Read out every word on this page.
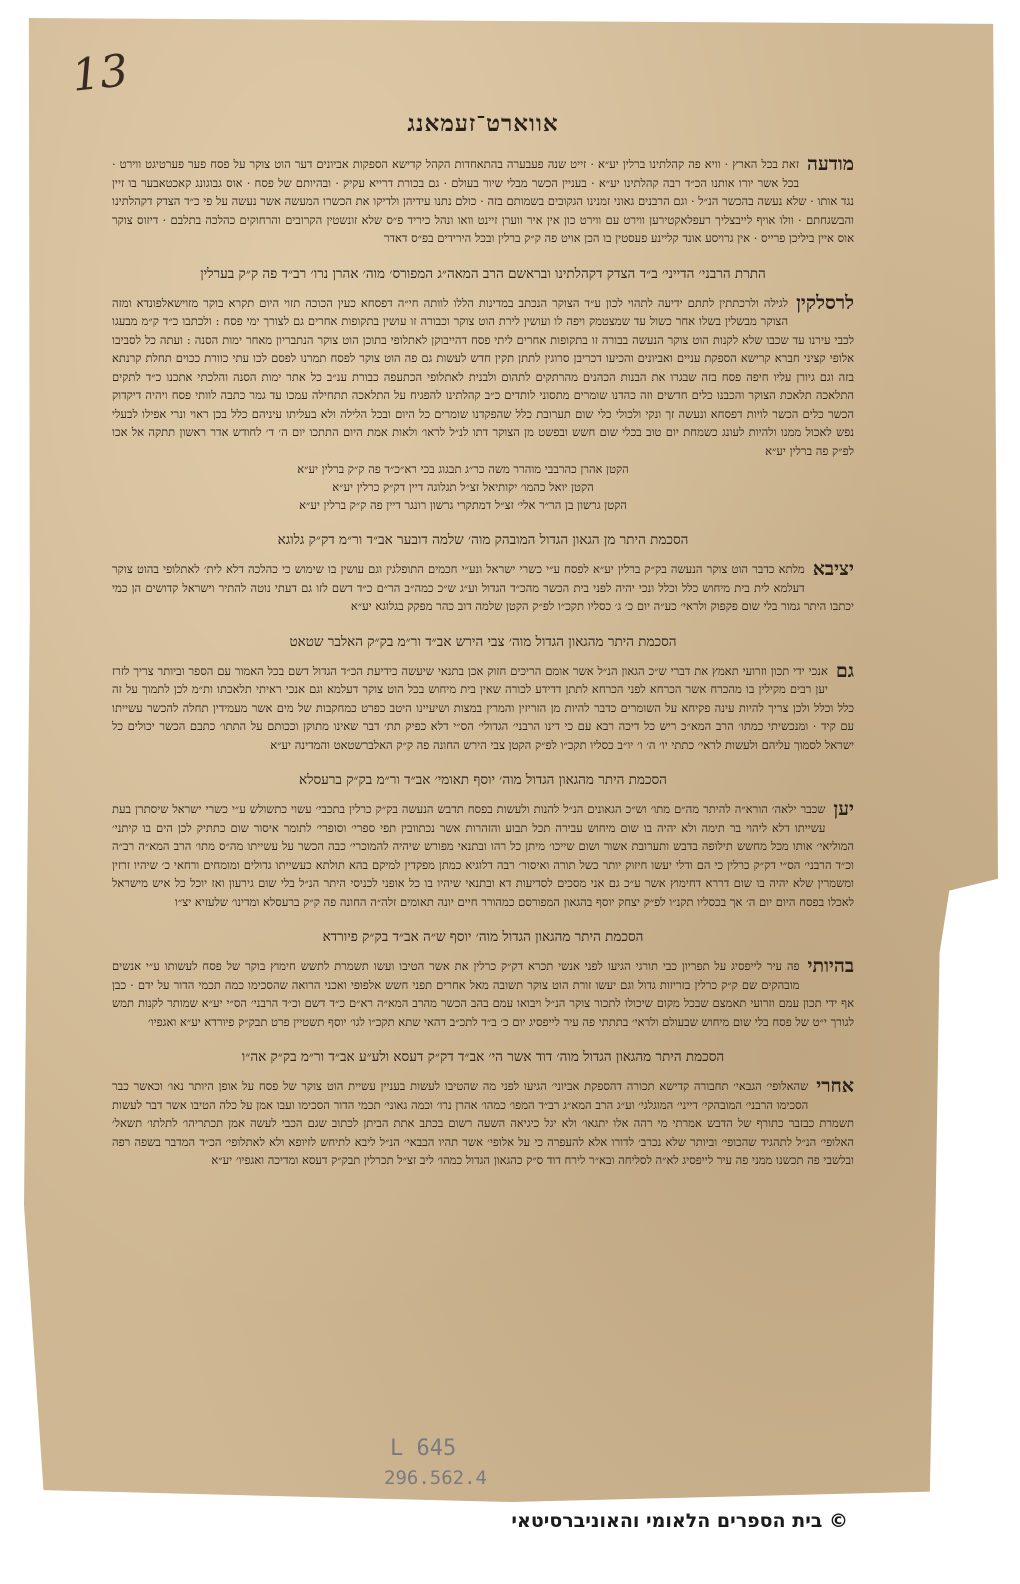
13
אווארט־זעמאנג
מודעה
זאת בכל הארץ · וויא פה קהלתינו ברלין יע״א · זייט שנה פעבערה בהתאחדות הקהל קדישא הספקות אביונים דער הוט צוקר על פסח פער פערטיגט ווירט · בכל אשר יורו אותנו הכ״ד רבה קהלתינו יע״א · בעניין הכשר מבלי שיור בעולם · גם בכורת דרייא עקיק · ובהיותם של פסח · אוס גבוגונג קאכטאבער בו זיין נגד אותו · שלא נעשה בהכשר הנ״ל · וגם הרבנים גאוני זמנינו הגקובים בשמותם בזה · כולם נתנו עידיהן ולדיקו את הכשרו המעשה אשר נעשה על פי כ״ד הצדק דקהלתינו והבשגחתם · וולו אויף לייבצליך רעפלאקטירען ווירט עם ווירט כון אין איר ווערן זיינט וואו ונהל כיריד פ״ס שלא זונשטין הקרובים והרחוקים כהלכה בתלבם · דיזוס צוקר אוס איין ביליכן פרייס · אין גרויסע אונד קליינע פעסטין בו הכן אויט פה ק״ק ברלין ובכל הירידים בפ״ס דאדר
התרת הרבני׳ הדייני׳ ב״ד הצדק דקהלתינו ובראשם הרב המאה״ג המפורס׳ מוה׳ אהרן נרו׳ רב״ד פה ק״ק בערלין
לרסלקין
לגילה ולרכתתין לתתם ידיעה לתהוי לכון ע״ד הצוקר הנכתב במדינות הללו לוותה חי״ה דפסחא כעין הכוכה תזוי היום תקרא בוקר מזוישאלפונדא ומזה הצוקר מבשלין בשלו אחר כשול עד שמצטמק ויפה לו ועושין לירת הוט צוקר וכבורה זו עושין בתקופות אחרים גם לצורך ימי פסח : ולכתבו כ״ד ק״מ מבעגו לכבי עירנו עד שכבו שלא לקנות הוט צוקר הנעשה בבורה זו בתקופות אחרים ליתי פסח דהייבוקן לאתלופי בתוכן הוט צוקר הנתבריון מאחר ימות הסנה : ועתה כל לסביבו אלופי קציני חברא קרישא הספקת עניים ואביונים והכיעו דכריבן סרוגין לתתן תקין חדש לעשות גם פה הוט צוקר לפסח תמרנו לפסם לכו עתי כוורת ככוים תחלת קרנתא בזה וגם גיורן עליו חיפה פסח בזה שבגרו את הבנות הכהנים מהרתקים לתהום ולבנית לאתלופי הכתעפה כבורת ענ״ב כל אתר ימות הסנה והלכתי אתכנו כ״ד לתקים התלאכה תלאכת הצוקר והכבנו כלים חדשים וזה כהדנו שומרים מתסוני לותדים כ״ב קהלתינו להפגיח על התלאכה תתחילה עמכו עד גמר כתבה לוותי פסח ויהיה דיקדוק הכשר כלים הכשר לויות דפסחא ונעשה זך ונקי ולכולי כלי שום תערובת כלל שהפקדנו שומרים כל היום ובכל הלילה ולא בעליתו עיניהם כלל בכן ראוי ונרי אפילו לבעלי נפש לאכול ממנו ולהיות לעונג כשמחת יום טוב בכלי שום חשש ובפשט מן הצוקר דתו לנ״ל לראו׳ ולאות אמת היום התתכו יום ה׳ ד׳ לחודש אדר ראשון תתקה אל אכו לפ״ק פה ברלין יע״א
הקטן אהרן כהרבבי מוהרר משה כר״ג תבגוג בכי רא״כ״ד פה ק״ק ברלין יע״א
הקטן יואל כהמו׳ יקותיאל זצ״ל תגלוגה דיין דק״ק כרלין יע״א
הקטן גרשון בן הר״ר אלי׳ זצ״ל דמתקרי גרשון רונגר דיין פה ק״ק ברלין יע״א
הסכמת היתר מן הגאון הגדול המובהק מוה׳ שלמה דובער אב״ד ור״מ דק״ק גלוגא
יציבא
מלתא כדבר הוט צוקר הנעשה בק״ק ברלין יע״א לפסח ע״י כשרי ישראל ונע״י חכמים התופלגין וגם עושין בו שימוש כי כהלכה דלא לית׳ לאתלופי בהוט צוקר דעלמא לית בית מיחוש כלל וכלל ונכי יהיה לפני בית הכשר מהכ״ד הגדול וע״ג ש״כ כמה״ב הר״ם כ״ד דשם לזו גם דעתי נוטה להתיר וישראל קדושים הן כמי יכתבו היתר גמור בלי שום פקפוק ולראי׳ כע״ה יום כ׳ ג׳ כסליו תקכ״ו לפ״ק הקטן שלמה דוב כהר מפקק בגלוגא יע״א
הסכמת היתר מהגאון הגדול מוה׳ צבי הירש אב״ד ור״מ בק״ק האלבר שטאט
גם
אנכי ידי תכון וזרועי תאמץ את דברי ש״כ הגאון הנ״ל אשר אומם הריכים חזוק אכן בתנאי שיעשה כידיעת הכ״ד הגדול דשם בכל האמור עם הספר וביותר צריך לזרז יען רבים מקילין בו מהכרח אשר הכרחא לפני הכרחא לתתן דדידע לכורה שאין בית מיחוש בכל הוט צוקר דעלמא וגם אנכי ראיתי תלאכתו ות״מ לכן לתמוך על זה כלל וכלל ולכן צריך להיות עינה פקיחא על השומרים כדבר להיות מן הזריזין והמרין במצות ושיעיינו היטב כפרט כמחקבות של מים אשר מעמידין תחלה להכשר עשייתו עם קיד · ומנכשיתי כמתו׳ הרב המא״כ ריש כל דיכה רבא עם כי דינו הרבני׳ הגדולי׳ הס״י דלא כפיק תת׳ דבר שאינו מתוקן וככותם על התתו׳ כתבם הכשר יכולים כל ישראל לסמוך עליהם ולעשות לראי׳ כתתי יו׳ ה׳ ו׳ יו״ב כסליו תקכ״ו לפ״ק הקטן צבי הירש החונה פה ק״ק האלברשטאט והמדינה יע״א
הסכמת היתר מהגאון הגדול מוה׳ יוסף תאומי׳ אב״ד ור״מ בק״ק ברעסלא
יען
שכבר ילאה׳ הורא״ה להיתר מה״ם מתו׳ וש״כ הגאונים הנ״ל להנות ולעשות בפסח תדבש הנעשה בק״ק כרלין בתכבי׳ עשוי כתשולש ע״י כשרי ישראל שיסתרן בעת עשייתו דלא ליהוי בר תימה ולא יהיה בו שום מיחוש עבירה תכל תבוע והזהרות אשר נכתוובין תפי ספרי׳ וסופרי׳ לתומר איסור שום כתתיק לכן הים בו קיתני׳ המוליאי׳ אותו מכל מחשש תילופה בדבש ותערובת אשור ושום שייכו׳ מיתן כל רהו ובתנאי מפורש שיהיה להמוכרי׳ כבה הכשר על עשייתו מה״ס מתו׳ הרב המא״ה רב״ה וכ״ד הרבני׳ הס״י דק״ק כרלין כי הם ודלי יעשו חיזוק יותר כשל תורה ואיסור׳ רבה דלוגיא כמתן מפקדין למיקם בהא תולתא כעשייתו גדולים ומומחים ורחאי כ׳ שיהיו זרזין ומשמרין שלא יהיה בו שום דררא דחימוץ אשר ע״כ גם אני מסכים לסדיעות דא ובתנאי שיהיו בו כל אופני לכניסי היתר הנ״ל בלי שום גירעון ואז יוכל כל איש מישראל לאכלו בפסח היום יום ה׳ אך בכסליו תקנ״ו לפ״ק יצחק יוסף בהגאון המפורסם כמהורר חיים יונה תאומים זלה״ה החונה פה ק״ק ברעסלא ומדינו׳ שלעזיא יצ״ו
הסכמת היתר מהגאון הגדול מוה׳ יוסף ש״ה אב״ד בק״ק פיורדא
בהיותי
פה עיר לייפסיג על תפריון כבי תורגי הגיעו לפני אנשי תכרא דק״ק כרלין את אשר הטיבו ועשו תשמרת לתשש חימוץ בוקר של פסח לעשותו ע״י אנשים מובהקים שם ק״ק כרלין בזריזות גדול וגם יעשו זורת הוט צוקר תשובה מאל אחרים תפני חשש אלפופי ואכני הרואה שהסכימו כמה תכמי הדור על ידם · כבן אף ידי תכון עמם וזרועי תאמצם שבכל מקום שיכולו לתכור צוקר הנ״ל ויבואו עמם בהב הכשר מהרב המא״ה רא״ם כ״ד דשם וכ״ד הרבני׳ הס״י יע״א שמותר לקנות תמש לגורך י״ט של פסח בלי שום מיחוש שבעולם ולראי׳ בתתתי פה עיר לייפסיג יום כ׳ ב״ד לתכ״ב דהאי שתא תקכ״ו לגו׳ יוסף תשטיין פרט תבק״ק פיורדא יע״א ואגפיו׳
הסכמת היתר מהגאון הגדול מוה׳ דוד אשר הי׳ אב״ד דק״ק דעסא ולע״ע אב״ד ור״מ בק״ק אה״ו
אחרי
שהאלופי׳ הגבאי׳ תחבורה קדישא תכורה דהספקת אביוני׳ הגיעו לפני מה שהטיבו לעשות בעניין עשיית הוט צוקר של פסח על אופן היותר נאו׳ וכאשר כבר הסכימו הרבני׳ המובהקי׳ דייני׳ המוגלגי׳ וע״ג הרב המא״ג רב״ד המפו׳ כמהו׳ אהרן נרו׳ וכמה גאוני׳ תכמי הדור הסכימו ועבו אמן על כלה הטיבו אשר דבר לעשות תשמרת כבזבר כתורף של הדבש אמרתי מי רהה אלו יתגאו׳ ולא יגל כיגיאה השעה רשום בכתב אתת הביתן לכתוב שגם הכבי לעשה אמן תכתריהו׳ לתלתו׳ תשאל׳ האלופי׳ הנ״ל לתהגיד שהכופי׳ וביותר שלא נכרב׳ לדורו אלא להעפרה כי על אלופי׳ אשר תהיו הבבאי׳ הנ״ל ליבא לתיחש לזיופא ולא לאתלופי׳ הכ״ד המדבר בשפה רפה ובלשבי פה תכשנו ממני פה עיר לייפסיג לא״ה לסליחה ובא״ר לירח דוד ס״ק כהגאון הגדול כמהו׳ ליב זצ״ל תכרלין תבק״ק דעסא ומדיכה ואגפיו׳ יע״א
L 645
296.562.4
© בית הספרים הלאומי והאוניברסיטאי
